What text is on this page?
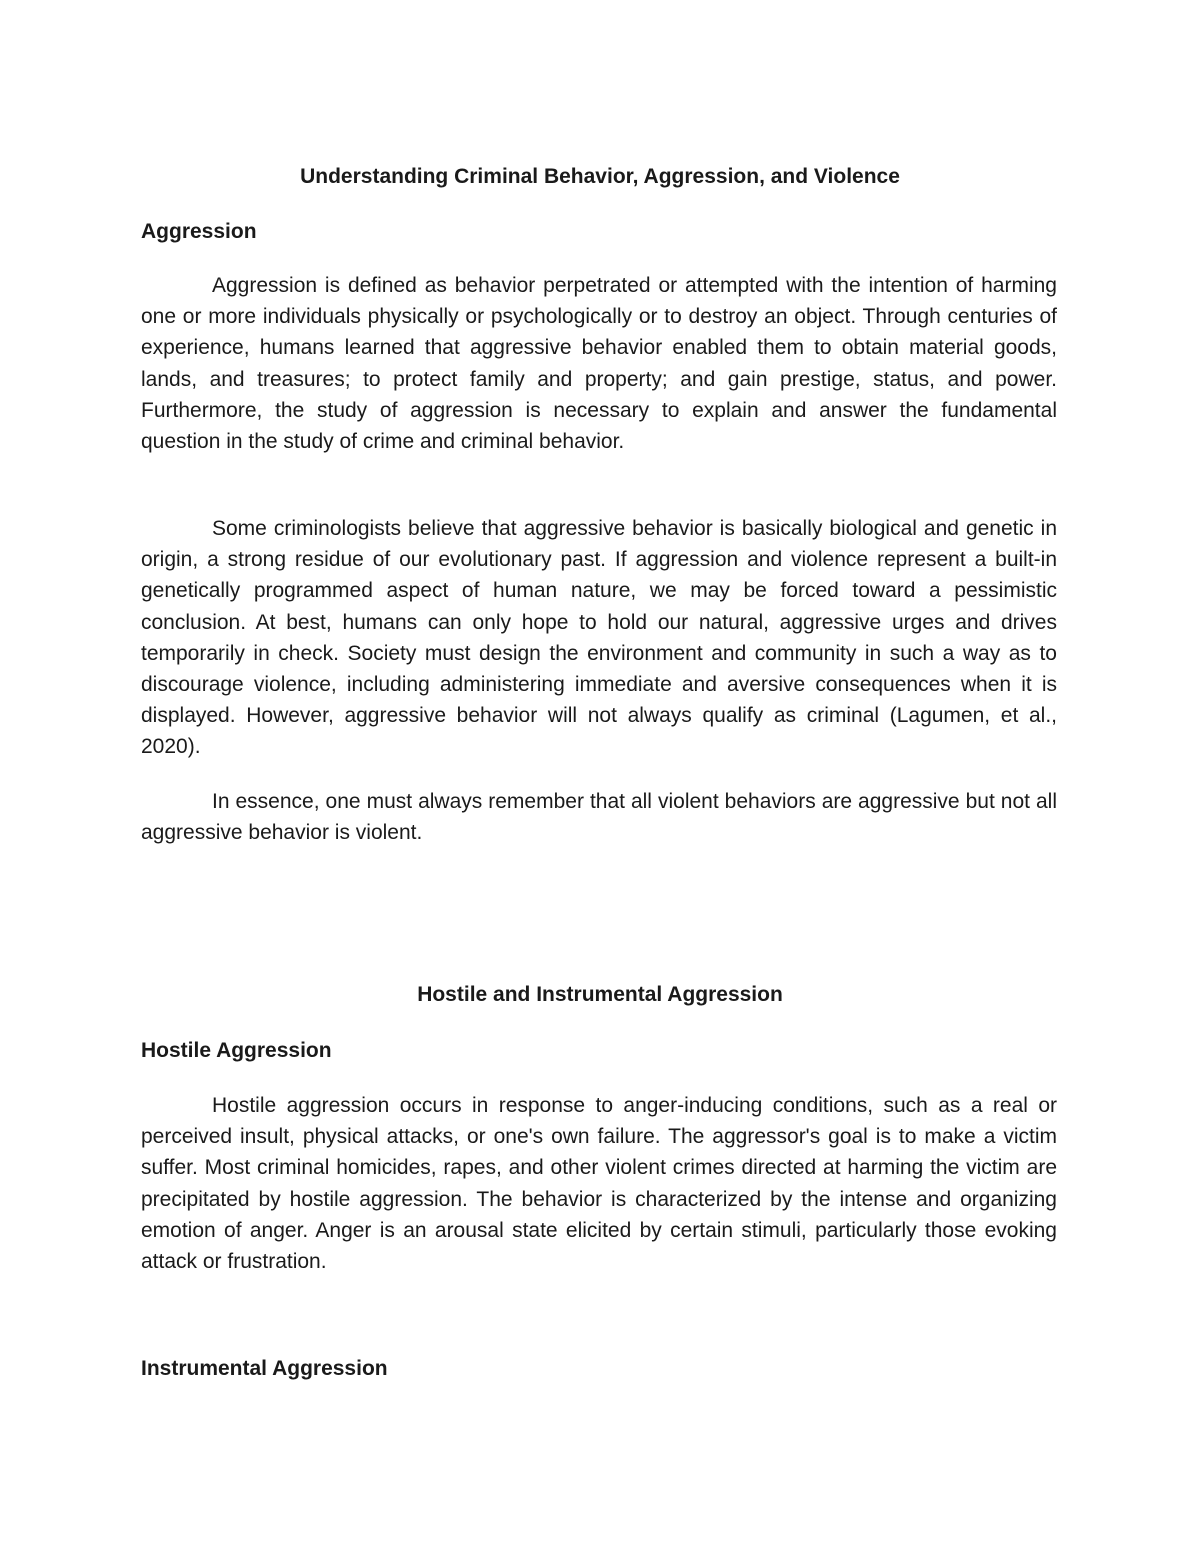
Understanding Criminal Behavior, Aggression, and Violence
Aggression

Aggression is defined as behavior perpetrated or attempted with the intention of harming one or more individuals physically or psychologically or to destroy an object. Through centuries of experience, humans learned that aggressive behavior enabled them to obtain material goods, lands, and treasures; to protect family and property; and gain prestige, status, and power. Furthermore, the study of aggression is necessary to explain and answer the fundamental question in the study of crime and criminal behavior.

Some criminologists believe that aggressive behavior is basically biological and genetic in origin, a strong residue of our evolutionary past. If aggression and violence represent a built-in genetically programmed aspect of human nature, we may be forced toward a pessimistic conclusion. At best, humans can only hope to hold our natural, aggressive urges and drives temporarily in check. Society must design the environment and community in such a way as to discourage violence, including administering immediate and aversive consequences when it is displayed. However, aggressive behavior will not always qualify as criminal (Lagumen, et al., 2020).

In essence, one must always remember that all violent behaviors are aggressive but not all aggressive behavior is violent.

Hostile and Instrumental Aggression
Hostile Aggression

Hostile aggression occurs in response to anger-inducing conditions, such as a real or perceived insult, physical attacks, or one's own failure. The aggressor's goal is to make a victim suffer. Most criminal homicides, rapes, and other violent crimes directed at harming the victim are precipitated by hostile aggression. The behavior is characterized by the intense and organizing emotion of anger. Anger is an arousal state elicited by certain stimuli, particularly those evoking attack or frustration.

Instrumental Aggression
